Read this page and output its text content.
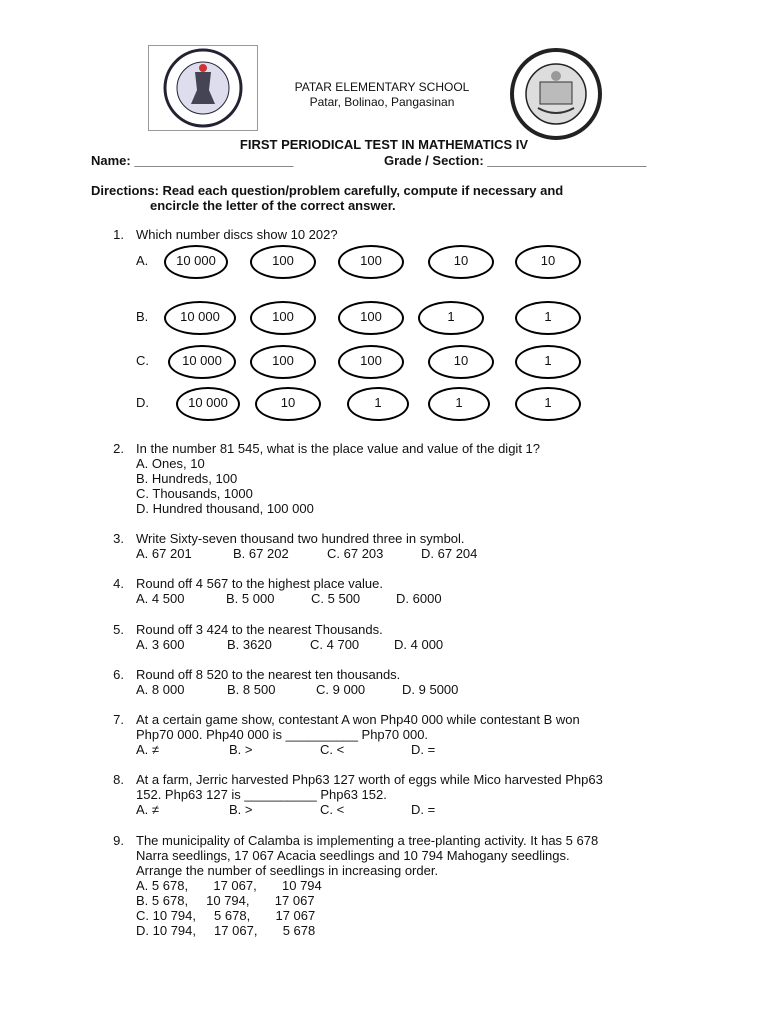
PATAR ELEMENTARY SCHOOL
Patar, Bolinao, Pangasinan
FIRST PERIODICAL TEST IN MATHEMATICS IV
Name: ______________________	Grade / Section: ______________________
Directions: Read each question/problem carefully, compute if necessary and
encircle the letter of the correct answer.
1. Which number discs show 10 202?
A.	10 000	100	100	10	10
B.	10 000	100	100	1	1
C.	10 000	100	100	10	1
D.	10 000	10	1	1	1
2. In the number 81 545, what is the place value and value of the digit 1?
A. Ones, 10
B. Hundreds, 100
C. Thousands, 1000
D. Hundred thousand, 100 000
3. Write Sixty-seven thousand two hundred three in symbol.
A. 67 201	B. 67 202	C. 67 203	D. 67 204
4. Round off 4 567 to the highest place value.
A. 4 500	B. 5 000	C. 5 500	D. 6000
5. Round off 3 424 to the nearest Thousands.
A. 3 600	B. 3620	C. 4 700	D. 4 000
6. Round off 8 520 to the nearest ten thousands.
A. 8 000	B. 8 500	C. 9 000	D. 9 5000
7. At a certain game show, contestant A won Php40 000 while contestant B won
Php70 000. Php40 000 is __________ Php70 000.
A. ≠	B. >	C. <	D. =
8. At a farm, Jerric harvested Php63 127 worth of eggs while Mico harvested Php63
152. Php63 127 is __________ Php63 152.
A. ≠	B. >	C. <	D. =
9. The municipality of Calamba is implementing a tree-planting activity. It has 5 678
Narra seedlings, 17 067 Acacia seedlings and 10 794 Mahogany seedlings.
Arrange the number of seedlings in increasing order.
A. 5 678,       17 067,       10 794
B. 5 678,     10 794,       17 067
C. 10 794,     5 678,       17 067
D. 10 794,     17 067,       5 678
